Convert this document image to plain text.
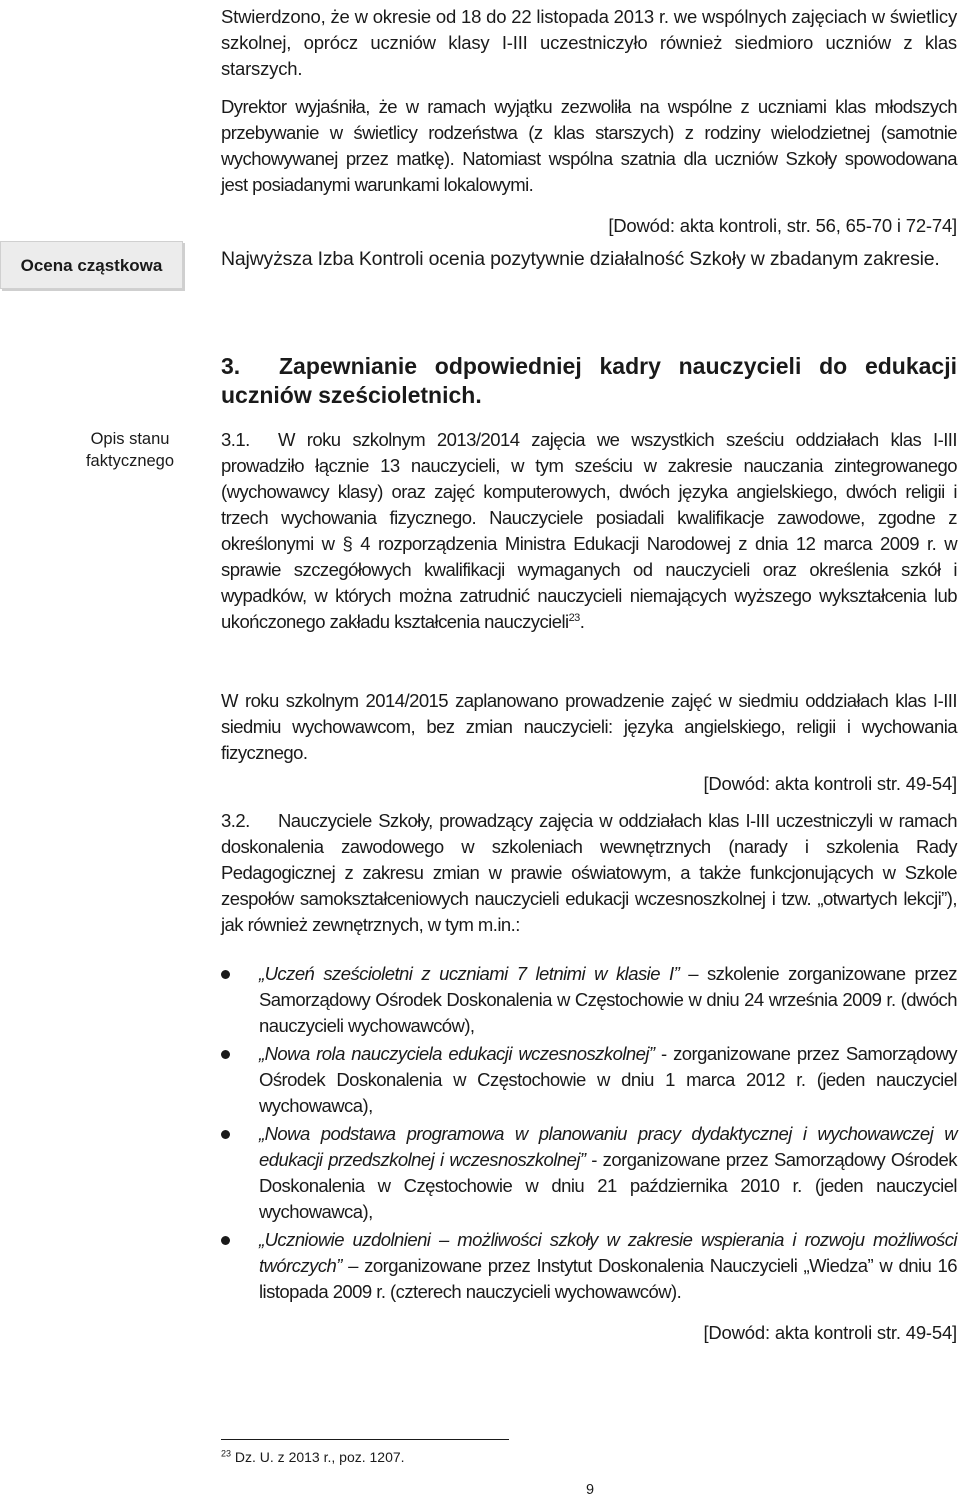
Ocena cząstkowa
Opis stanu
faktycznego

Stwierdzono, że w okresie od 18 do 22 listopada 2013 r. we wspólnych zajęciach w świetlicy szkolnej, oprócz uczniów klasy I-III uczestniczyło również siedmioro uczniów z klas starszych.

Dyrektor wyjaśniła, że w ramach wyjątku zezwoliła na wspólne z uczniami klas młodszych przebywanie w świetlicy rodzeństwa (z klas starszych) z rodziny wielodzietnej (samotnie wychowywanej przez matkę). Natomiast wspólna szatnia dla uczniów Szkoły spowodowana jest posiadanymi warunkami lokalowymi.

[Dowód: akta kontroli, str. 56, 65-70 i 72-74]

Najwyższa Izba Kontroli ocenia pozytywnie działalność Szkoły w zbadanym zakresie.

3. Zapewnianie odpowiedniej kadry nauczycieli do edukacji uczniów sześcioletnich.

3.1. W roku szkolnym 2013/2014 zajęcia we wszystkich sześciu oddziałach klas I-III prowadziło łącznie 13 nauczycieli, w tym sześciu w zakresie nauczania zintegrowanego (wychowawcy klasy) oraz zajęć komputerowych, dwóch języka angielskiego, dwóch religii i trzech wychowania fizycznego. Nauczyciele posiadali kwalifikacje zawodowe, zgodne z określonymi w § 4 rozporządzenia Ministra Edukacji Narodowej z dnia 12 marca 2009 r. w sprawie szczegółowych kwalifikacji wymaganych od nauczycieli oraz określenia szkół i wypadków, w których można zatrudnić nauczycieli niemających wyższego wykształcenia lub ukończonego zakładu kształcenia nauczycieli$^{23}$.

W roku szkolnym 2014/2015 zaplanowano prowadzenie zajęć w siedmiu oddziałach klas I-III siedmiu wychowawcom, bez zmian nauczycieli: języka angielskiego, religii i wychowania fizycznego.

[Dowód: akta kontroli str. 49-54]

3.2. Nauczyciele Szkoły, prowadzący zajęcia w oddziałach klas I-III uczestniczyli w ramach doskonalenia zawodowego w szkoleniach wewnętrznych (narady i szkolenia Rady Pedagogicznej z zakresu zmian w prawie oświatowym, a także funkcjonujących w Szkole zespołów samokształceniowych nauczycieli edukacji wczesnoszkolnej i tzw. „otwartych lekcji”), jak również zewnętrznych, w tym m.in.:

„Uczeń sześcioletni z uczniami 7 letnimi w klasie I” – szkolenie zorganizowane przez Samorządowy Ośrodek Doskonalenia w Częstochowie w dniu 24 września 2009 r. (dwóch nauczycieli wychowawców),
„Nowa rola nauczyciela edukacji wczesnoszkolnej” - zorganizowane przez Samorządowy Ośrodek Doskonalenia w Częstochowie w dniu 1 marca 2012 r. (jeden nauczyciel wychowawca),
„Nowa podstawa programowa w planowaniu pracy dydaktycznej i wychowawczej w edukacji przedszkolnej i wczesnoszkolnej” - zorganizowane przez Samorządowy Ośrodek Doskonalenia w Częstochowie w dniu 21 października 2010 r. (jeden nauczyciel wychowawca),
„Uczniowie uzdolnieni – możliwości szkoły w zakresie wspierania i rozwoju możliwości twórczych” – zorganizowane przez Instytut Doskonalenia Nauczycieli „Wiedza” w dniu 16 listopada 2009 r. (czterech nauczycieli wychowawców).

[Dowód: akta kontroli str. 49-54]

$^{23}$ Dz. U. z 2013 r., poz. 1207.
9
